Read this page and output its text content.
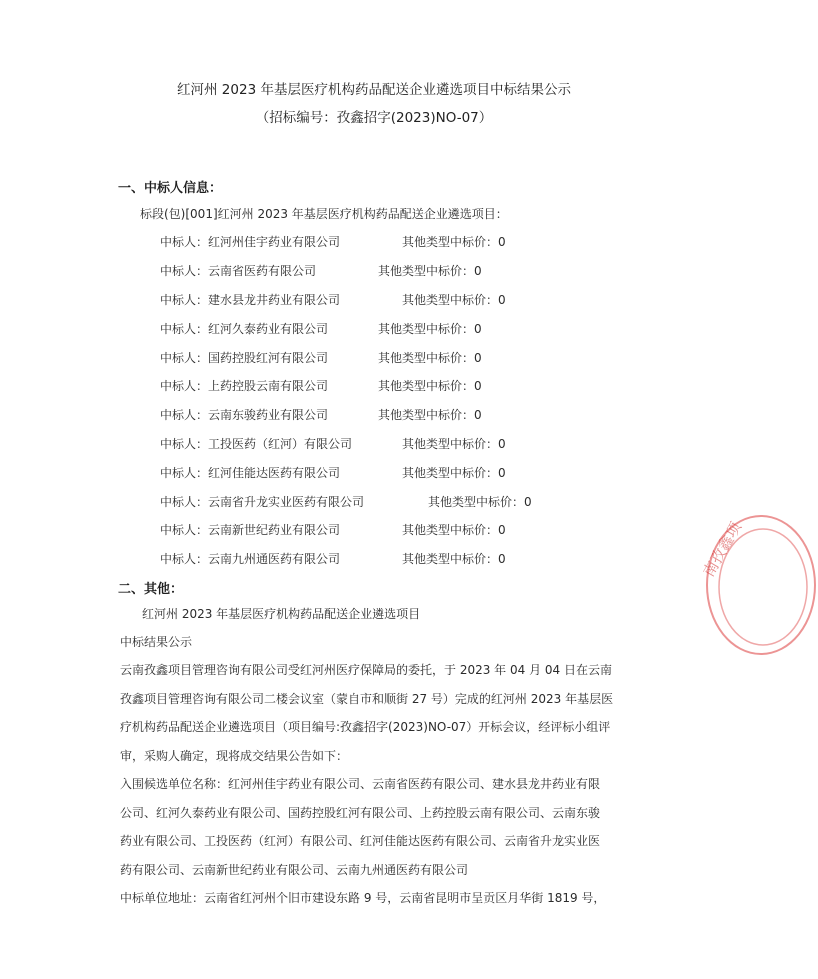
红河州 2023 年基层医疗机构药品配送企业遴选项目中标结果公示
（招标编号：孜鑫招字(2023)NO-07）
一、中标人信息：
标段(包)[001]红河州 2023 年基层医疗机构药品配送企业遴选项目：
中标人：红河州佳宇药业有限公司	其他类型中标价：0
中标人：云南省医药有限公司	其他类型中标价：0
中标人：建水县龙井药业有限公司	其他类型中标价：0
中标人：红河久泰药业有限公司	其他类型中标价：0
中标人：国药控股红河有限公司	其他类型中标价：0
中标人：上药控股云南有限公司	其他类型中标价：0
中标人：云南东骏药业有限公司	其他类型中标价：0
中标人：工投医药（红河）有限公司	其他类型中标价：0
中标人：红河佳能达医药有限公司	其他类型中标价：0
中标人：云南省升龙实业医药有限公司	其他类型中标价：0
中标人：云南新世纪药业有限公司	其他类型中标价：0
中标人：云南九州通医药有限公司	其他类型中标价：0
二、其他：
红河州 2023 年基层医疗机构药品配送企业遴选项目
中标结果公示
云南孜鑫项目管理咨询有限公司受红河州医疗保障局的委托，于 2023 年 04 月 04 日在云南
孜鑫项目管理咨询有限公司二楼会议室（蒙自市和顺街 27 号）完成的红河州 2023 年基层医
疗机构药品配送企业遴选项目（项目编号:孜鑫招字(2023)NO-07）开标会议，经评标小组评
审，采购人确定，现将成交结果公告如下：
入围候选单位名称：红河州佳宇药业有限公司、云南省医药有限公司、建水县龙井药业有限
公司、红河久泰药业有限公司、国药控股红河有限公司、上药控股云南有限公司、云南东骏
药业有限公司、工投医药（红河）有限公司、红河佳能达医药有限公司、云南省升龙实业医
药有限公司、云南新世纪药业有限公司、云南九州通医药有限公司
中标单位地址：云南省红河州个旧市建设东路 9 号，云南省昆明市呈贡区月华街 1819 号，
南孜鑫项
